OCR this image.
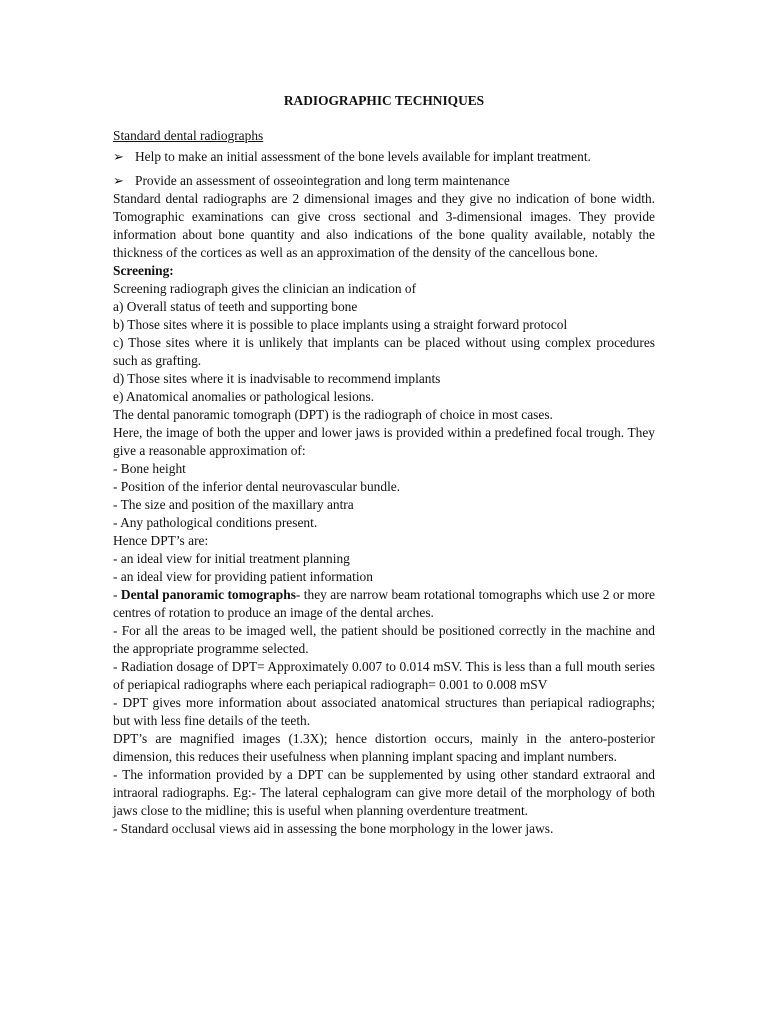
RADIOGRAPHIC TECHNIQUES

Standard dental radiographs

➢ Help to make an initial assessment of the bone levels available for implant treatment.
➢ Provide an assessment of osseointegration and long term maintenance

Standard dental radiographs are 2 dimensional images and they give no indication of bone width. Tomographic examinations can give cross sectional and 3-dimensional images. They provide information about bone quantity and also indications of the bone quality available, notably the thickness of the cortices as well as an approximation of the density of the cancellous bone.

Screening:

Screening radiograph gives the clinician an indication of

a) Overall status of teeth and supporting bone

b) Those sites where it is possible to place implants using a straight forward protocol

c) Those sites where it is unlikely that implants can be placed without using complex procedures such as grafting.

d) Those sites where it is inadvisable to recommend implants

e) Anatomical anomalies or pathological lesions.

The dental panoramic tomograph (DPT) is the radiograph of choice in most cases.

Here, the image of both the upper and lower jaws is provided within a predefined focal trough. They give a reasonable approximation of:

- Bone height

- Position of the inferior dental neurovascular bundle.

- The size and position of the maxillary antra

- Any pathological conditions present.

Hence DPT’s are:

- an ideal view for initial treatment planning

- an ideal view for providing patient information

- Dental panoramic tomographs- they are narrow beam rotational tomographs which use 2 or more centres of rotation to produce an image of the dental arches.

- For all the areas to be imaged well, the patient should be positioned correctly in the machine and the appropriate programme selected.

- Radiation dosage of DPT= Approximately 0.007 to 0.014 mSV. This is less than a full mouth series of periapical radiographs where each periapical radiograph= 0.001 to 0.008 mSV

- DPT gives more information about associated anatomical structures than periapical radiographs; but with less fine details of the teeth.

DPT’s are magnified images (1.3X); hence distortion occurs, mainly in the antero-posterior dimension, this reduces their usefulness when planning implant spacing and implant numbers.

- The information provided by a DPT can be supplemented by using other standard extraoral and intraoral radiographs. Eg:- The lateral cephalogram can give more detail of the morphology of both jaws close to the midline; this is useful when planning overdenture treatment.

- Standard occlusal views aid in assessing the bone morphology in the lower jaws.
